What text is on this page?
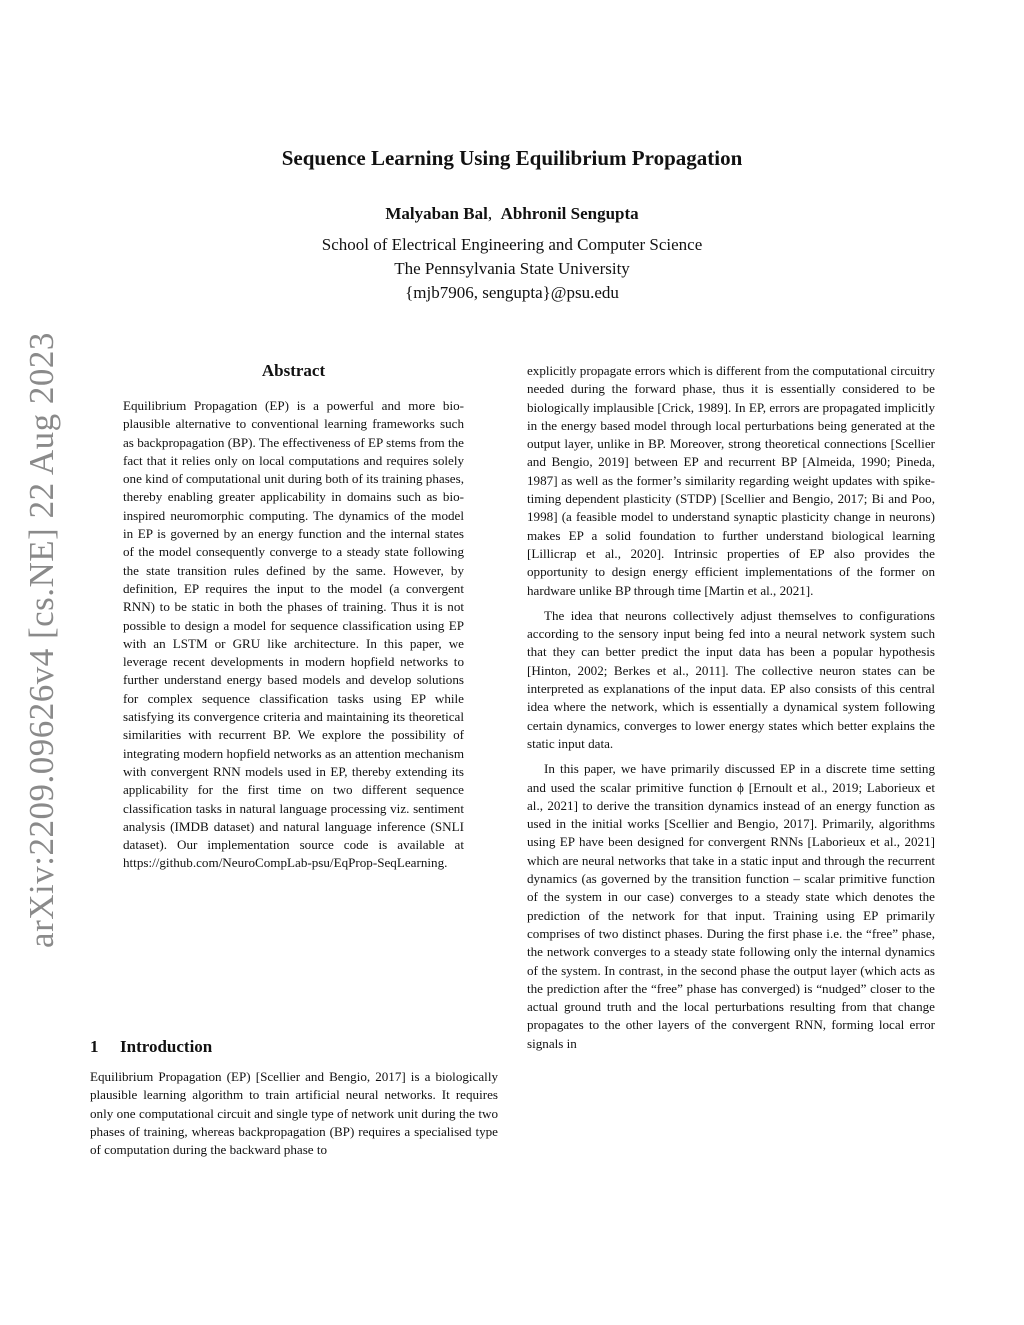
arXiv:2209.09626v4 [cs.NE] 22 Aug 2023
Sequence Learning Using Equilibrium Propagation
Malyaban Bal, Abhronil Sengupta
School of Electrical Engineering and Computer Science
The Pennsylvania State University
{mjb7906, sengupta}@psu.edu
Abstract

Equilibrium Propagation (EP) is a powerful and more bio-plausible alternative to conventional learning frameworks such as backpropagation (BP). The effectiveness of EP stems from the fact that it relies only on local computations and requires solely one kind of computational unit during both of its training phases, thereby enabling greater applicability in domains such as bio-inspired neuromorphic computing. The dynamics of the model in EP is governed by an energy function and the internal states of the model consequently converge to a steady state following the state transition rules defined by the same. However, by definition, EP requires the input to the model (a convergent RNN) to be static in both the phases of training. Thus it is not possible to design a model for sequence classification using EP with an LSTM or GRU like architecture. In this paper, we leverage recent developments in modern hopfield networks to further understand energy based models and develop solutions for complex sequence classification tasks using EP while satisfying its convergence criteria and maintaining its theoretical similarities with recurrent BP. We explore the possibility of integrating modern hopfield networks as an attention mechanism with convergent RNN models used in EP, thereby extending its applicability for the first time on two different sequence classification tasks in natural language processing viz. sentiment analysis (IMDB dataset) and natural language inference (SNLI dataset). Our implementation source code is available at https://github.com/NeuroCompLab-psu/EqProp-SeqLearning.

1 Introduction

Equilibrium Propagation (EP) [Scellier and Bengio, 2017] is a biologically plausible learning algorithm to train artificial neural networks. It requires only one computational circuit and single type of network unit during the two phases of training, whereas backpropagation (BP) requires a specialised type of computation during the backward phase to

explicitly propagate errors which is different from the computational circuitry needed during the forward phase, thus it is essentially considered to be biologically implausible [Crick, 1989]. In EP, errors are propagated implicitly in the energy based model through local perturbations being generated at the output layer, unlike in BP. Moreover, strong theoretical connections [Scellier and Bengio, 2019] between EP and recurrent BP [Almeida, 1990; Pineda, 1987] as well as the former’s similarity regarding weight updates with spike-timing dependent plasticity (STDP) [Scellier and Bengio, 2017; Bi and Poo, 1998] (a feasible model to understand synaptic plasticity change in neurons) makes EP a solid foundation to further understand biological learning [Lillicrap et al., 2020]. Intrinsic properties of EP also provides the opportunity to design energy efficient implementations of the former on hardware unlike BP through time [Martin et al., 2021].

The idea that neurons collectively adjust themselves to configurations according to the sensory input being fed into a neural network system such that they can better predict the input data has been a popular hypothesis [Hinton, 2002; Berkes et al., 2011]. The collective neuron states can be interpreted as explanations of the input data. EP also consists of this central idea where the network, which is essentially a dynamical system following certain dynamics, converges to lower energy states which better explains the static input data.

In this paper, we have primarily discussed EP in a discrete time setting and used the scalar primitive function ϕ [Ernoult et al., 2019; Laborieux et al., 2021] to derive the transition dynamics instead of an energy function as used in the initial works [Scellier and Bengio, 2017]. Primarily, algorithms using EP have been designed for convergent RNNs [Laborieux et al., 2021] which are neural networks that take in a static input and through the recurrent dynamics (as governed by the transition function – scalar primitive function of the system in our case) converges to a steady state which denotes the prediction of the network for that input. Training using EP primarily comprises of two distinct phases. During the first phase i.e. the “free” phase, the network converges to a steady state following only the internal dynamics of the system. In contrast, in the second phase the output layer (which acts as the prediction after the “free” phase has converged) is “nudged” closer to the actual ground truth and the local perturbations resulting from that change propagates to the other layers of the convergent RNN, forming local error signals in
